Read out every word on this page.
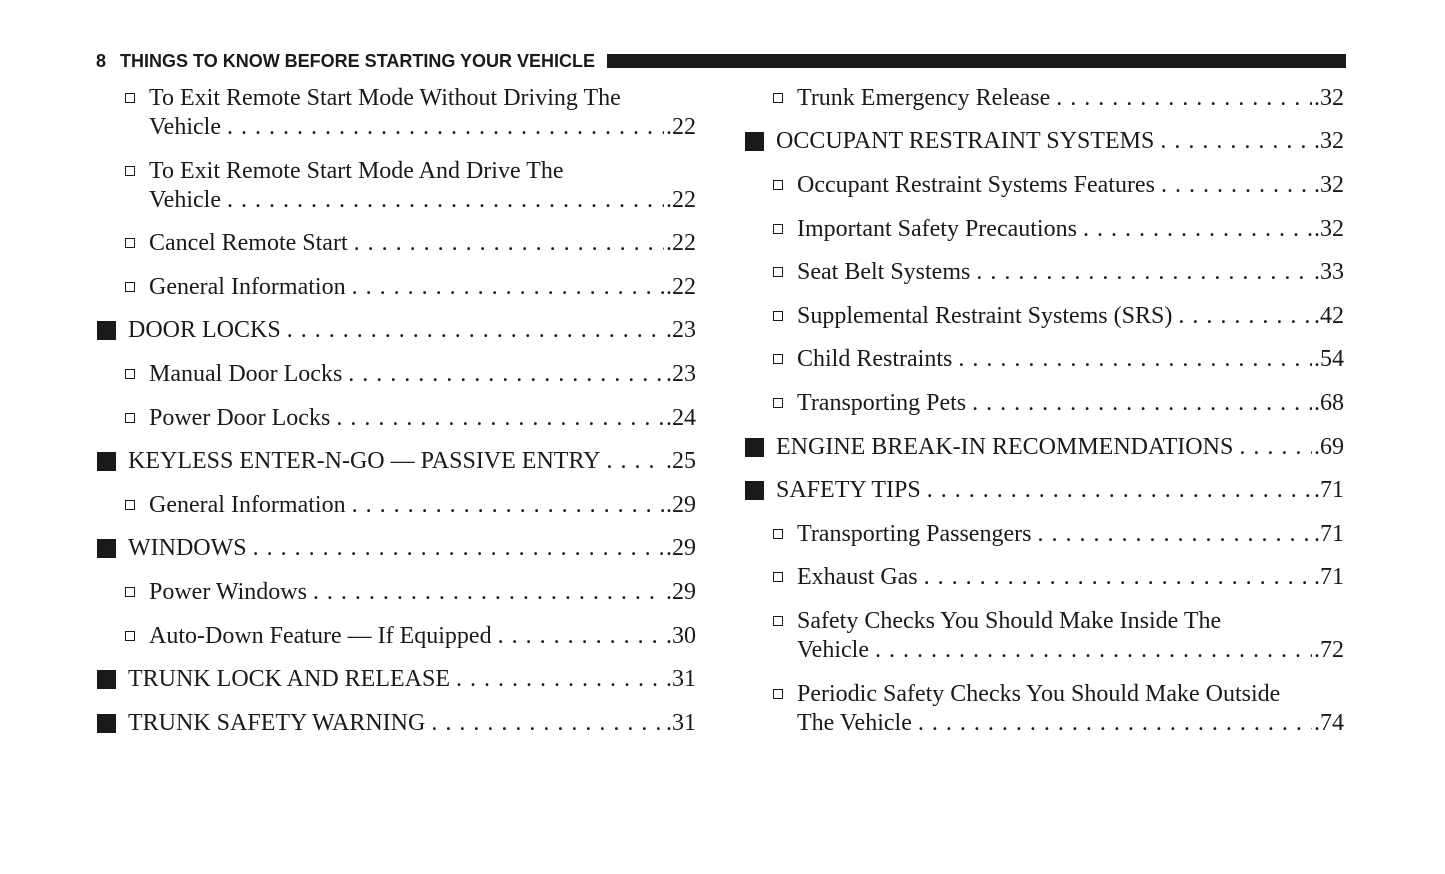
8 THINGS TO KNOW BEFORE STARTING YOUR VEHICLE
To Exit Remote Start Mode Without Driving The
Vehicle . . .	.22
To Exit Remote Start Mode And Drive The
Vehicle . . .	.22
Cancel Remote Start . . .	.22
General Information . . .	.22
DOOR LOCKS . . .	.23
Manual Door Locks . . .	.23
Power Door Locks . . .	.24
KEYLESS ENTER-N-GO — PASSIVE ENTRY . . .	.25
General Information . . .	.29
WINDOWS . . .	.29
Power Windows . . .	.29
Auto-Down Feature — If Equipped . . .	.30
TRUNK LOCK AND RELEASE . . .	.31
TRUNK SAFETY WARNING . . .	.31
Trunk Emergency Release . . .	.32
OCCUPANT RESTRAINT SYSTEMS . . .	.32
Occupant Restraint Systems Features . . .	.32
Important Safety Precautions . . .	.32
Seat Belt Systems . . .	.33
Supplemental Restraint Systems (SRS) . . .	.42
Child Restraints . . .	.54
Transporting Pets . . .	.68
ENGINE BREAK-IN RECOMMENDATIONS . . .	.69
SAFETY TIPS . . .	.71
Transporting Passengers . . .	.71
Exhaust Gas . . .	.71
Safety Checks You Should Make Inside The
Vehicle . . .	.72
Periodic Safety Checks You Should Make Outside
The Vehicle . . .	.74
